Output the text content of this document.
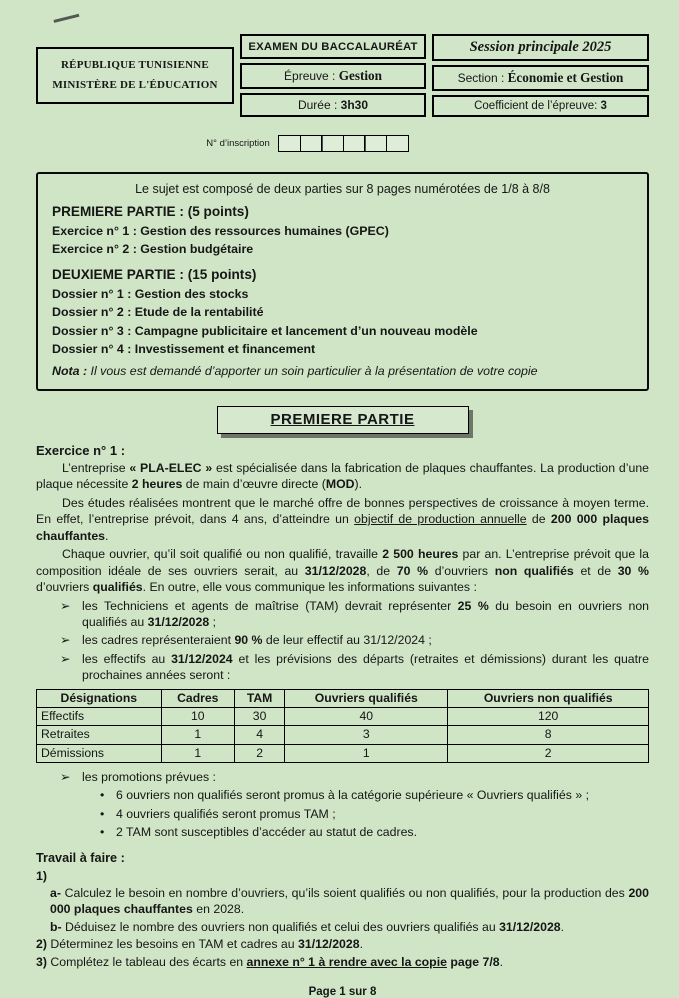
RÉPUBLIQUE TUNISIENNE
MINISTÈRE DE L'ÉDUCATION
EXAMEN DU BACCALAURÉAT
Épreuve : Gestion
Durée : 3h30
Session principale 2025
Section : Économie et Gestion
Coefficient de l’épreuve: 3
N° d’inscription
Le sujet est composé de deux parties sur 8 pages numérotées de 1/8 à 8/8
PREMIERE PARTIE : (5 points)
Exercice n° 1 : Gestion des ressources humaines (GPEC)
Exercice n° 2 : Gestion budgétaire
DEUXIEME PARTIE : (15 points)
Dossier n° 1 : Gestion des stocks
Dossier n° 2 : Etude de la rentabilité
Dossier n° 3 : Campagne publicitaire et lancement d’un nouveau modèle
Dossier n° 4 : Investissement et financement
Nota : Il vous est demandé d’apporter un soin particulier à la présentation de votre copie
PREMIERE PARTIE
Exercice n° 1 :

L’entreprise « PLA-ELEC » est spécialisée dans la fabrication de plaques chauffantes. La production d’une plaque nécessite 2 heures de main d’œuvre directe (MOD).

Des études réalisées montrent que le marché offre de bonnes perspectives de croissance à moyen terme. En effet, l’entreprise prévoit, dans 4 ans, d’atteindre un objectif de production annuelle de 200 000 plaques chauffantes.

Chaque ouvrier, qu’il soit qualifié ou non qualifié, travaille 2 500 heures par an. L’entreprise prévoit que la composition idéale de ses ouvriers serait, au 31/12/2028, de 70 % d’ouvriers non qualifiés et de 30 % d’ouvriers qualifiés. En outre, elle vous communique les informations suivantes :

➢ les Techniciens et agents de maîtrise (TAM) devrait représenter 25 % du besoin en ouvriers non qualifiés au 31/12/2028 ;
➢ les cadres représenteraient 90 % de leur effectif au 31/12/2024 ;
➢ les effectifs au 31/12/2024 et les prévisions des départs (retraites et démissions) durant les quatre prochaines années seront :
Désignations	Cadres	TAM	Ouvriers qualifiés	Ouvriers non qualifiés
Effectifs	10	30	40	120
Retraites	1	4	3	8
Démissions	1	2	1	2
➢ les promotions prévues :
• 6 ouvriers non qualifiés seront promus à la catégorie supérieure « Ouvriers qualifiés » ;
• 4 ouvriers qualifiés seront promus TAM ;
• 2 TAM sont susceptibles d’accéder au statut de cadres.
Travail à faire :
1)
a- Calculez le besoin en nombre d’ouvriers, qu’ils soient qualifiés ou non qualifiés, pour la production des 200 000 plaques chauffantes en 2028.
b- Déduisez le nombre des ouvriers non qualifiés et celui des ouvriers qualifiés au 31/12/2028.
2) Déterminez les besoins en TAM et cadres au 31/12/2028.
3) Complétez le tableau des écarts en annexe n° 1 à rendre avec la copie page 7/8.
Page 1 sur 8
